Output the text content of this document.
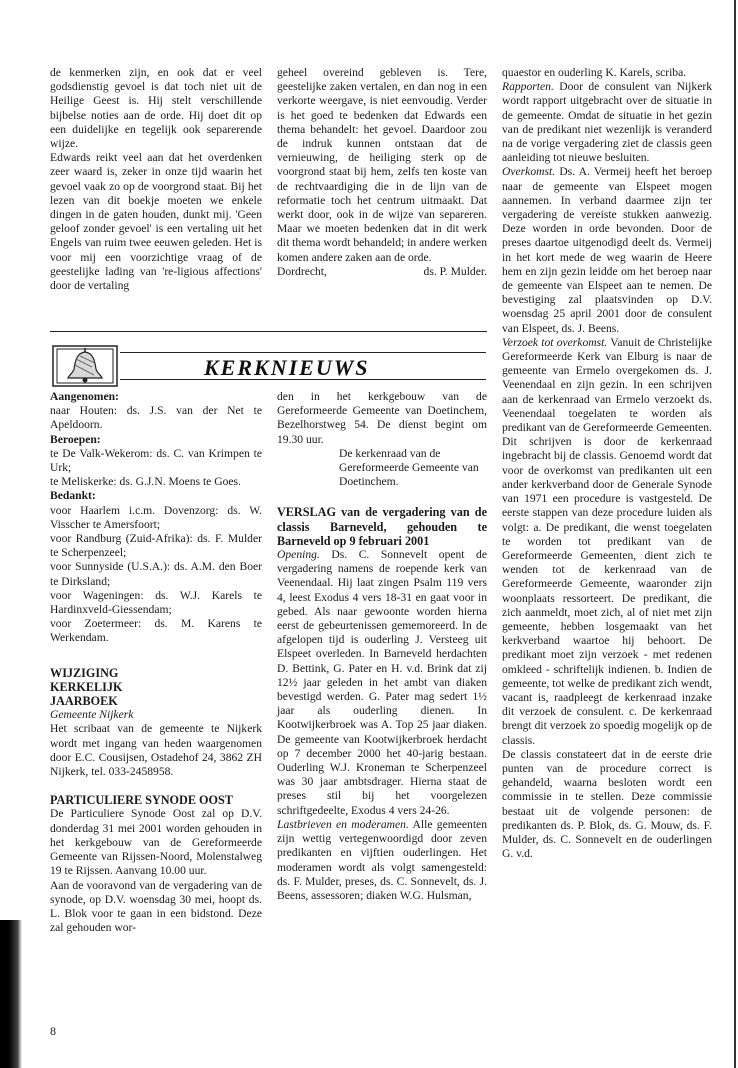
de kenmerken zijn, en ook dat er veel godsdienstig gevoel is dat toch niet uit de Heilige Geest is. Hij stelt verschillende bijbelse noties aan de orde. Hij doet dit op een duidelijke en tegelijk ook separerende wijze.

Edwards reikt veel aan dat het overdenken zeer waard is, zeker in onze tijd waarin het gevoel vaak zo op de voorgrond staat. Bij het lezen van dit boekje moeten we enkele dingen in de gaten houden, dunkt mij. 'Geen geloof zonder gevoel' is een vertaling uit het Engels van ruim twee eeuwen geleden. Het is voor mij een voorzichtige vraag of de geestelijke lading van 're-ligious affections' door de vertaling

geheel overeind gebleven is. Tere, geestelijke zaken vertalen, en dan nog in een verkorte weergave, is niet eenvoudig. Verder is het goed te bedenken dat Edwards een thema behandelt: het gevoel. Daardoor zou de indruk kunnen ontstaan dat de vernieuwing, de heiliging sterk op de voorgrond staat bij hem, zelfs ten koste van de rechtvaardiging die in de lijn van de reformatie toch het centrum uitmaakt. Dat werkt door, ook in de wijze van separeren. Maar we moeten bedenken dat in dit werk dit thema wordt behandeld; in andere werken komen andere zaken aan de orde.

Dordrecht,	ds. P. Mulder.
KERKNIEUWS

Aangenomen:

naar Houten: ds. J.S. van der Net te Apeldoorn.

Beroepen:

te De Valk-Wekerom: ds. C. van Krimpen te Urk;

te Meliskerke: ds. G.J.N. Moens te Goes.

Bedankt:

voor Haarlem i.c.m. Dovenzorg: ds. W. Visscher te Amersfoort;

voor Randburg (Zuid-Afrika): ds. F. Mulder te Scherpenzeel;

voor Sunnyside (U.S.A.): ds. A.M. den Boer te Dirksland;

voor Wageningen: ds. W.J. Karels te Hardinxveld-Giessendam;

voor Zoetermeer: ds. M. Karens te Werkendam.

WIJZIGING KERKELIJK JAARBOEK

Gemeente Nijkerk

Het scribaat van de gemeente te Nijkerk wordt met ingang van heden waargenomen door E.C. Cousijsen, Ostadehof 24, 3862 ZH Nijkerk, tel. 033-2458958.

PARTICULIERE SYNODE OOST

De Particuliere Synode Oost zal op D.V. donderdag 31 mei 2001 worden gehouden in het kerkgebouw van de Gereformeerde Gemeente van Rijssen-Noord, Molenstalweg 19 te Rijssen. Aanvang 10.00 uur.

Aan de vooravond van de vergadering van de synode, op D.V. woensdag 30 mei, hoopt ds. L. Blok voor te gaan in een bidstond. Deze zal gehouden wor-

den in het kerkgebouw van de Gereformeerde Gemeente van Doetinchem, Bezelhorstweg 54. De dienst begint om 19.30 uur.

De kerkenraad van de Gereformeerde Gemeente van Doetinchem.

VERSLAG van de vergadering van de classis Barneveld, gehouden te Barneveld op 9 februari 2001

Opening. Ds. C. Sonnevelt opent de vergadering namens de roepende kerk van Veenendaal. Hij laat zingen Psalm 119 vers 4, leest Exodus 4 vers 18-31 en gaat voor in gebed. Als naar gewoonte worden hierna eerst de gebeurtenissen gememoreerd. In de afgelopen tijd is ouderling J. Versteeg uit Elspeet overleden. In Barneveld herdachten D. Bettink, G. Pater en H. v.d. Brink dat zij 12½ jaar geleden in het ambt van diaken bevestigd werden. G. Pater mag sedert 1½ jaar als ouderling dienen. In Kootwijkerbroek was A. Top 25 jaar diaken. De gemeente van Kootwijkerbroek herdacht op 7 december 2000 het 40-jarig bestaan. Ouderling W.J. Kroneman te Scherpenzeel was 30 jaar ambtsdrager. Hierna staat de preses stil bij het voorgelezen schriftgedeelte, Exodus 4 vers 24-26.

Lastbrieven en moderamen. Alle gemeenten zijn wettig vertegenwoordigd door zeven predikanten en vijftien ouderlingen. Het moderamen wordt als volgt samengesteld: ds. F. Mulder, preses, ds. C. Sonnevelt, ds. J. Beens, assessoren; diaken W.G. Hulsman,

quaestor en ouderling K. Karels, scriba.

Rapporten. Door de consulent van Nijkerk wordt rapport uitgebracht over de situatie in de gemeente. Omdat de situatie in het gezin van de predikant niet wezenlijk is veranderd na de vorige vergadering ziet de classis geen aanleiding tot nieuwe besluiten.

Overkomst. Ds. A. Vermeij heeft het beroep naar de gemeente van Elspeet mogen aannemen. In verband daarmee zijn ter vergadering de vereiste stukken aanwezig. Deze worden in orde bevonden. Door de preses daartoe uitgenodigd deelt ds. Vermeij in het kort mede de weg waarin de Heere hem en zijn gezin leidde om het beroep naar de gemeente van Elspeet aan te nemen. De bevestiging zal plaatsvinden op D.V. woensdag 25 april 2001 door de consulent van Elspeet, ds. J. Beens.

Verzoek tot overkomst. Vanuit de Christelijke Gereformeerde Kerk van Elburg is naar de gemeente van Ermelo overgekomen ds. J. Veenendaal en zijn gezin. In een schrijven aan de kerkenraad van Ermelo verzoekt ds. Veenendaal toegelaten te worden als predikant van de Gereformeerde Gemeenten. Dit schrijven is door de kerkenraad ingebracht bij de classis. Genoemd wordt dat voor de overkomst van predikanten uit een ander kerkverband door de Generale Synode van 1971 een procedure is vastgesteld. De eerste stappen van deze procedure luiden als volgt: a. De predikant, die wenst toegelaten te worden tot predikant van de Gereformeerde Gemeenten, dient zich te wenden tot de kerkenraad van de Gereformeerde Gemeente, waaronder zijn woonplaats ressorteert. De predikant, die zich aanmeldt, moet zich, al of niet met zijn gemeente, hebben losgemaakt van het kerkverband waartoe hij behoort. De predikant moet zijn verzoek - met redenen omkleed - schriftelijk indienen. b. Indien de gemeente, tot welke de predikant zich wendt, vacant is, raadpleegt de kerkenraad inzake dit verzoek de consulent. c. De kerkenraad brengt dit verzoek zo spoedig mogelijk op de classis.

De classis constateert dat in de eerste drie punten van de procedure correct is gehandeld, waarna besloten wordt een commissie in te stellen. Deze commissie bestaat uit de volgende personen: de predikanten ds. P. Blok, ds. G. Mouw, ds. F. Mulder, ds. C. Sonnevelt en de ouderlingen G. v.d.

8
